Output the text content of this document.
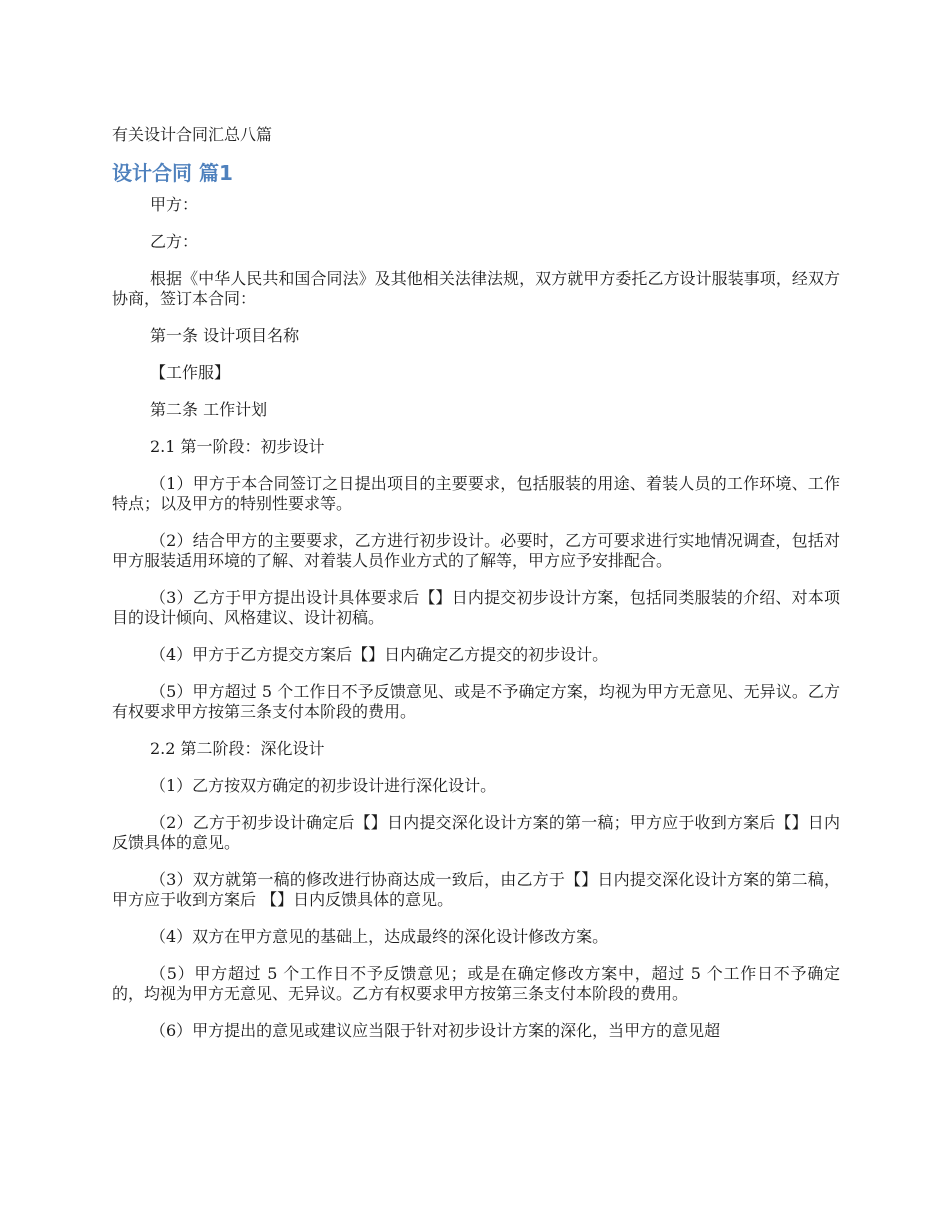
有关设计合同汇总八篇
设计合同 篇1

甲方：

乙方：

根据《中华人民共和国合同法》及其他相关法律法规，双方就甲方委托乙方设计服装事项，经双方协商，签订本合同：

第一条 设计项目名称

【工作服】

第二条 工作计划

2.1 第一阶段：初步设计

（1）甲方于本合同签订之日提出项目的主要要求，包括服装的用途、着装人员的工作环境、工作特点；以及甲方的特别性要求等。

（2）结合甲方的主要要求，乙方进行初步设计。必要时，乙方可要求进行实地情况调查，包括对甲方服装适用环境的了解、对着装人员作业方式的了解等，甲方应予安排配合。

（3）乙方于甲方提出设计具体要求后【】日内提交初步设计方案，包括同类服装的介绍、对本项目的设计倾向、风格建议、设计初稿。

（4）甲方于乙方提交方案后【】日内确定乙方提交的初步设计。

（5）甲方超过 5 个工作日不予反馈意见、或是不予确定方案，均视为甲方无意见、无异议。乙方有权要求甲方按第三条支付本阶段的费用。

2.2 第二阶段：深化设计

（1）乙方按双方确定的初步设计进行深化设计。

（2）乙方于初步设计确定后【】日内提交深化设计方案的第一稿；甲方应于收到方案后【】日内反馈具体的意见。

（3）双方就第一稿的修改进行协商达成一致后，由乙方于【】日内提交深化设计方案的第二稿，甲方应于收到方案后 【】日内反馈具体的意见。

（4）双方在甲方意见的基础上，达成最终的深化设计修改方案。

（5）甲方超过 5 个工作日不予反馈意见；或是在确定修改方案中，超过 5 个工作日不予确定的，均视为甲方无意见、无异议。乙方有权要求甲方按第三条支付本阶段的费用。

（6）甲方提出的意见或建议应当限于针对初步设计方案的深化，当甲方的意见超
